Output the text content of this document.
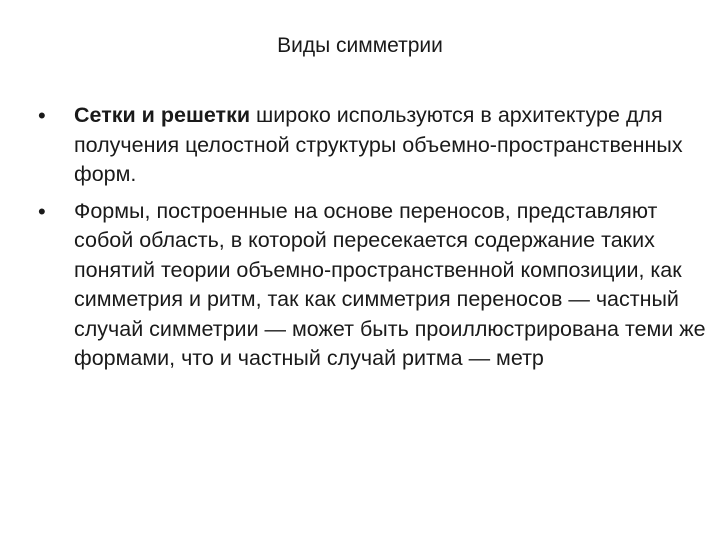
Виды симметрии
•	Сетки и решетки широко используются в архитектуре для получения целостной структуры объемно-пространственных форм.
•	Формы, построенные на основе переносов, представляют собой область, в которой пересекается содержание таких понятий теории объемно-пространственной композиции, как симметрия и ритм, так как симметрия переносов — частный случай симметрии — может быть проиллюстрирована теми же формами, что и частный случай ритма — метр
